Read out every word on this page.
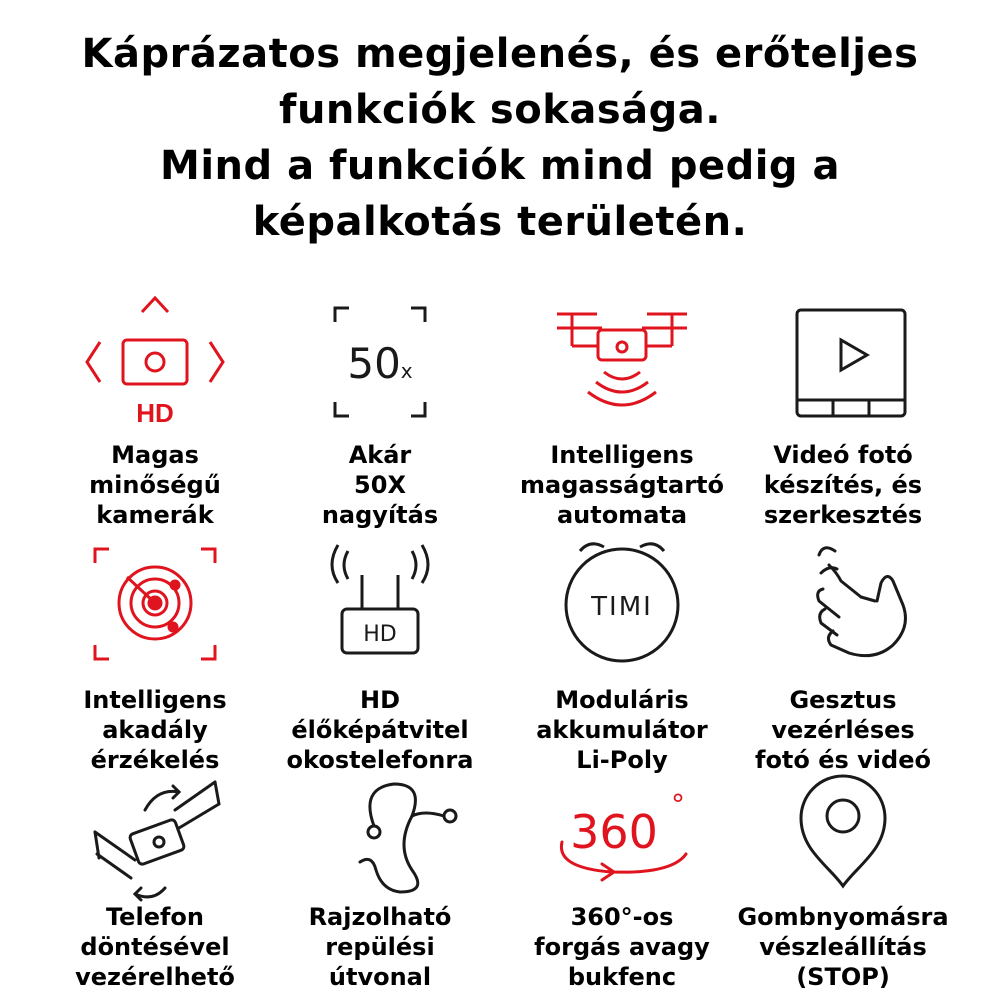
Káprázatos megjelenés, és erőteljes
funkciók sokasága.
Mind a funkciók mind pedig a
képalkotás területén.
HD
Magas
minőségű
kamerák
50x
Akár
50X
nagyítás
Intelligens
magasságtartó
automata
Videó fotó
készítés, és
szerkesztés
Intelligens
akadály
érzékelés
HD
HD
élőképátvitel
okostelefonra
TIMI
Moduláris
akkumulátor
Li-Poly
Gesztus
vezérléses
fotó és videó
Telefon
döntésével
vezérelhető
Rajzolható
repülési
útvonal
360
°
360°-os
forgás avagy
bukfenc
Gombnyomásra
vészleállítás
(STOP)
